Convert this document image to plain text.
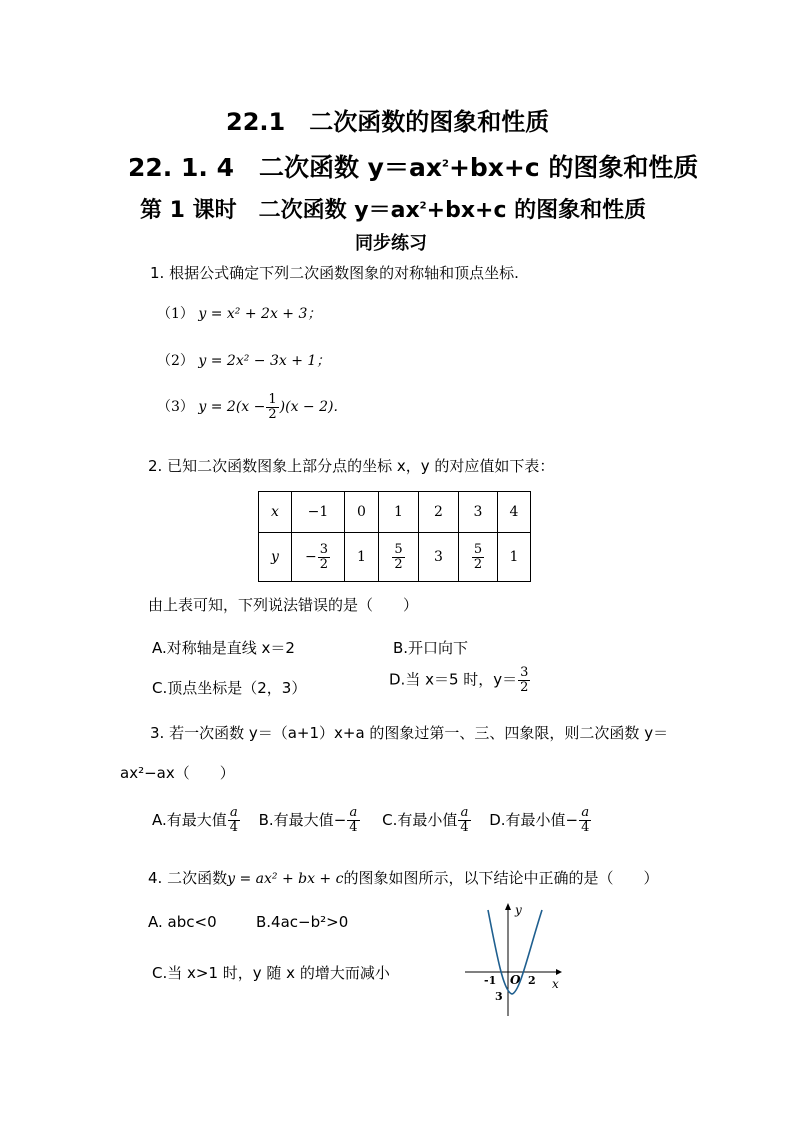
22.1　二次函数的图象和性质
22. 1. 4　二次函数 $y=ax^2+bx+c$ 的图象和性质
第 1 课时　二次函数 $y=ax^2+bx+c$ 的图象和性质
同步练习
1. 根据公式确定下列二次函数图象的对称轴和顶点坐标.
（1） y = x² + 2x + 3；
（2） y = 2x² − 3x + 1；
（3） $y = 2(x - \frac{1}{2} )(x - 2)$.
2. 已知二次函数图象上部分点的坐标 x，y 的对应值如下表：
x	−1	0	1	2	3	4
y	− $\frac{3}{2}$	1	$\frac{5}{2}$	3	$\frac{5}{2}$	1
由上表可知，下列说法错误的是（　　）
A.对称轴是直线 x＝2	B.开口向下
C.顶点坐标是（2，3）	D.当 x＝5 时，$y= \frac{3}{2}$
3. 若一次函数 y＝（a+1）x+a 的图象过第一、三、四象限，则二次函数 y＝
ax²−ax（　　）
A.有最大值 $\frac{a}{4} B$.有最大值− $\frac{a}{4} C$.有最小值 $\frac{a}{4} D$.有最小值− $\frac{a}{4}$
4. 二次函数y = ax² + bx + c的图象如图所示，以下结论中正确的是（　　）
A. abc<0	B.4ac−b²>0
C.当 x>1 时，y 随 x 的增大而减小
y
x
O
-1	2
3
